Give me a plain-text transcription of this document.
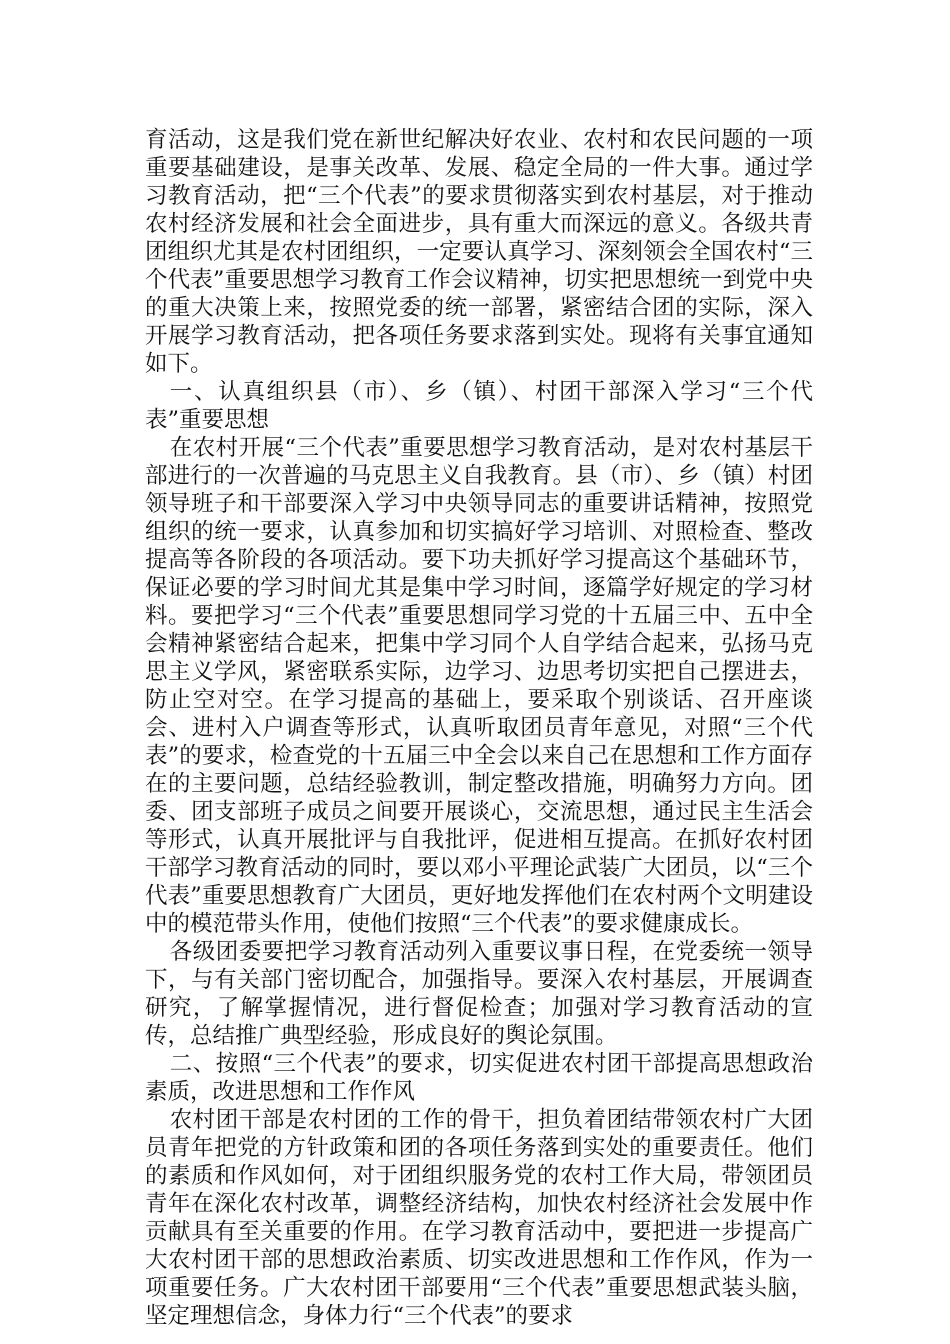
育活动，这是我们党在新世纪解决好农业、农村和农民问题的一项重要基础建设，是事关改革、发展、稳定全局的一件大事。通过学习教育活动，把“三个代表”的要求贯彻落实到农村基层，对于推动农村经济发展和社会全面进步，具有重大而深远的意义。各级共青团组织尤其是农村团组织，一定要认真学习、深刻领会全国农村“三个代表”重要思想学习教育工作会议精神，切实把思想统一到党中央的重大决策上来，按照党委的统一部署，紧密结合团的实际，深入开展学习教育活动，把各项任务要求落到实处。现将有关事宜通知如下。

一、认真组织县（市）、乡（镇）、村团干部深入学习“三个代表”重要思想

在农村开展“三个代表”重要思想学习教育活动，是对农村基层干部进行的一次普遍的马克思主义自我教育。县（市）、乡（镇）村团领导班子和干部要深入学习中央领导同志的重要讲话精神，按照党组织的统一要求，认真参加和切实搞好学习培训、对照检查、整改提高等各阶段的各项活动。要下功夫抓好学习提高这个基础环节，保证必要的学习时间尤其是集中学习时间，逐篇学好规定的学习材料。要把学习“三个代表”重要思想同学习党的十五届三中、五中全会精神紧密结合起来，把集中学习同个人自学结合起来，弘扬马克思主义学风，紧密联系实际，边学习、边思考切实把自己摆进去，防止空对空。在学习提高的基础上，要采取个别谈话、召开座谈会、进村入户调查等形式，认真听取团员青年意见，对照“三个代表”的要求，检查党的十五届三中全会以来自己在思想和工作方面存在的主要问题，总结经验教训，制定整改措施，明确努力方向。团委、团支部班子成员之间要开展谈心，交流思想，通过民主生活会等形式，认真开展批评与自我批评，促进相互提高。在抓好农村团干部学习教育活动的同时，要以邓小平理论武装广大团员，以“三个代表”重要思想教育广大团员，更好地发挥他们在农村两个文明建设中的模范带头作用，使他们按照“三个代表”的要求健康成长。

各级团委要把学习教育活动列入重要议事日程，在党委统一领导下，与有关部门密切配合，加强指导。要深入农村基层，开展调查研究，了解掌握情况，进行督促检查；加强对学习教育活动的宣传，总结推广典型经验，形成良好的舆论氛围。

二、按照“三个代表”的要求，切实促进农村团干部提高思想政治素质，改进思想和工作作风

农村团干部是农村团的工作的骨干，担负着团结带领农村广大团员青年把党的方针政策和团的各项任务落到实处的重要责任。他们的素质和作风如何，对于团组织服务党的农村工作大局，带领团员青年在深化农村改革，调整经济结构，加快农村经济社会发展中作贡献具有至关重要的作用。在学习教育活动中，要把进一步提高广大农村团干部的思想政治素质、切实改进思想和工作作风，作为一项重要任务。广大农村团干部要用“三个代表”重要思想武装头脑，坚定理想信念，身体力行“三个代表”的要求
